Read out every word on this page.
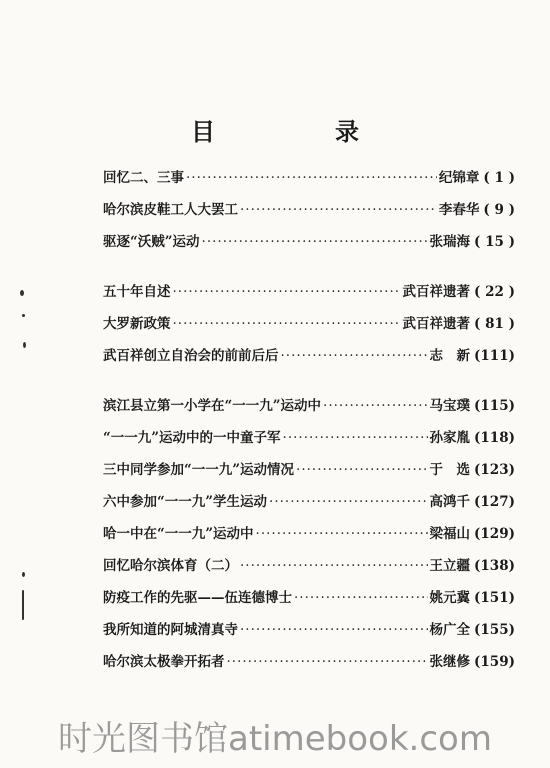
目　录
回忆二、三事 ·····	纪锦章 ( 1 )
哈尔滨皮鞋工人大罢工 ·····	李春华 ( 9 )
驱逐“沃贼”运动 ·····	张瑞海 ( 15 )
五十年自述 ·····	武百祥遗著 ( 22 )
大罗新政策 ·····	武百祥遗著 ( 81 )
武百祥创立自治会的前前后后 ·····	志　新 (111)
滨江县立第一小学在“一一九”运动中 ·····	马宝璞 (115)
“一一九”运动中的一中童子军 ·····	孙家胤 (118)
三中同学参加“一一九”运动情况 ·····	于　选 (123)
六中参加“一一九”学生运动 ·····	高鸿千 (127)
哈一中在“一一九”运动中 ·····	梁福山 (129)
回忆哈尔滨体育（二） ·····	王立疆 (138)
防疫工作的先驱——伍连德博士 ·····	姚元冀 (151)
我所知道的阿城清真寺 ·····	杨广全 (155)
哈尔滨太极拳开拓者 ·····	张继修 (159)
时光图书馆atimebook.com
